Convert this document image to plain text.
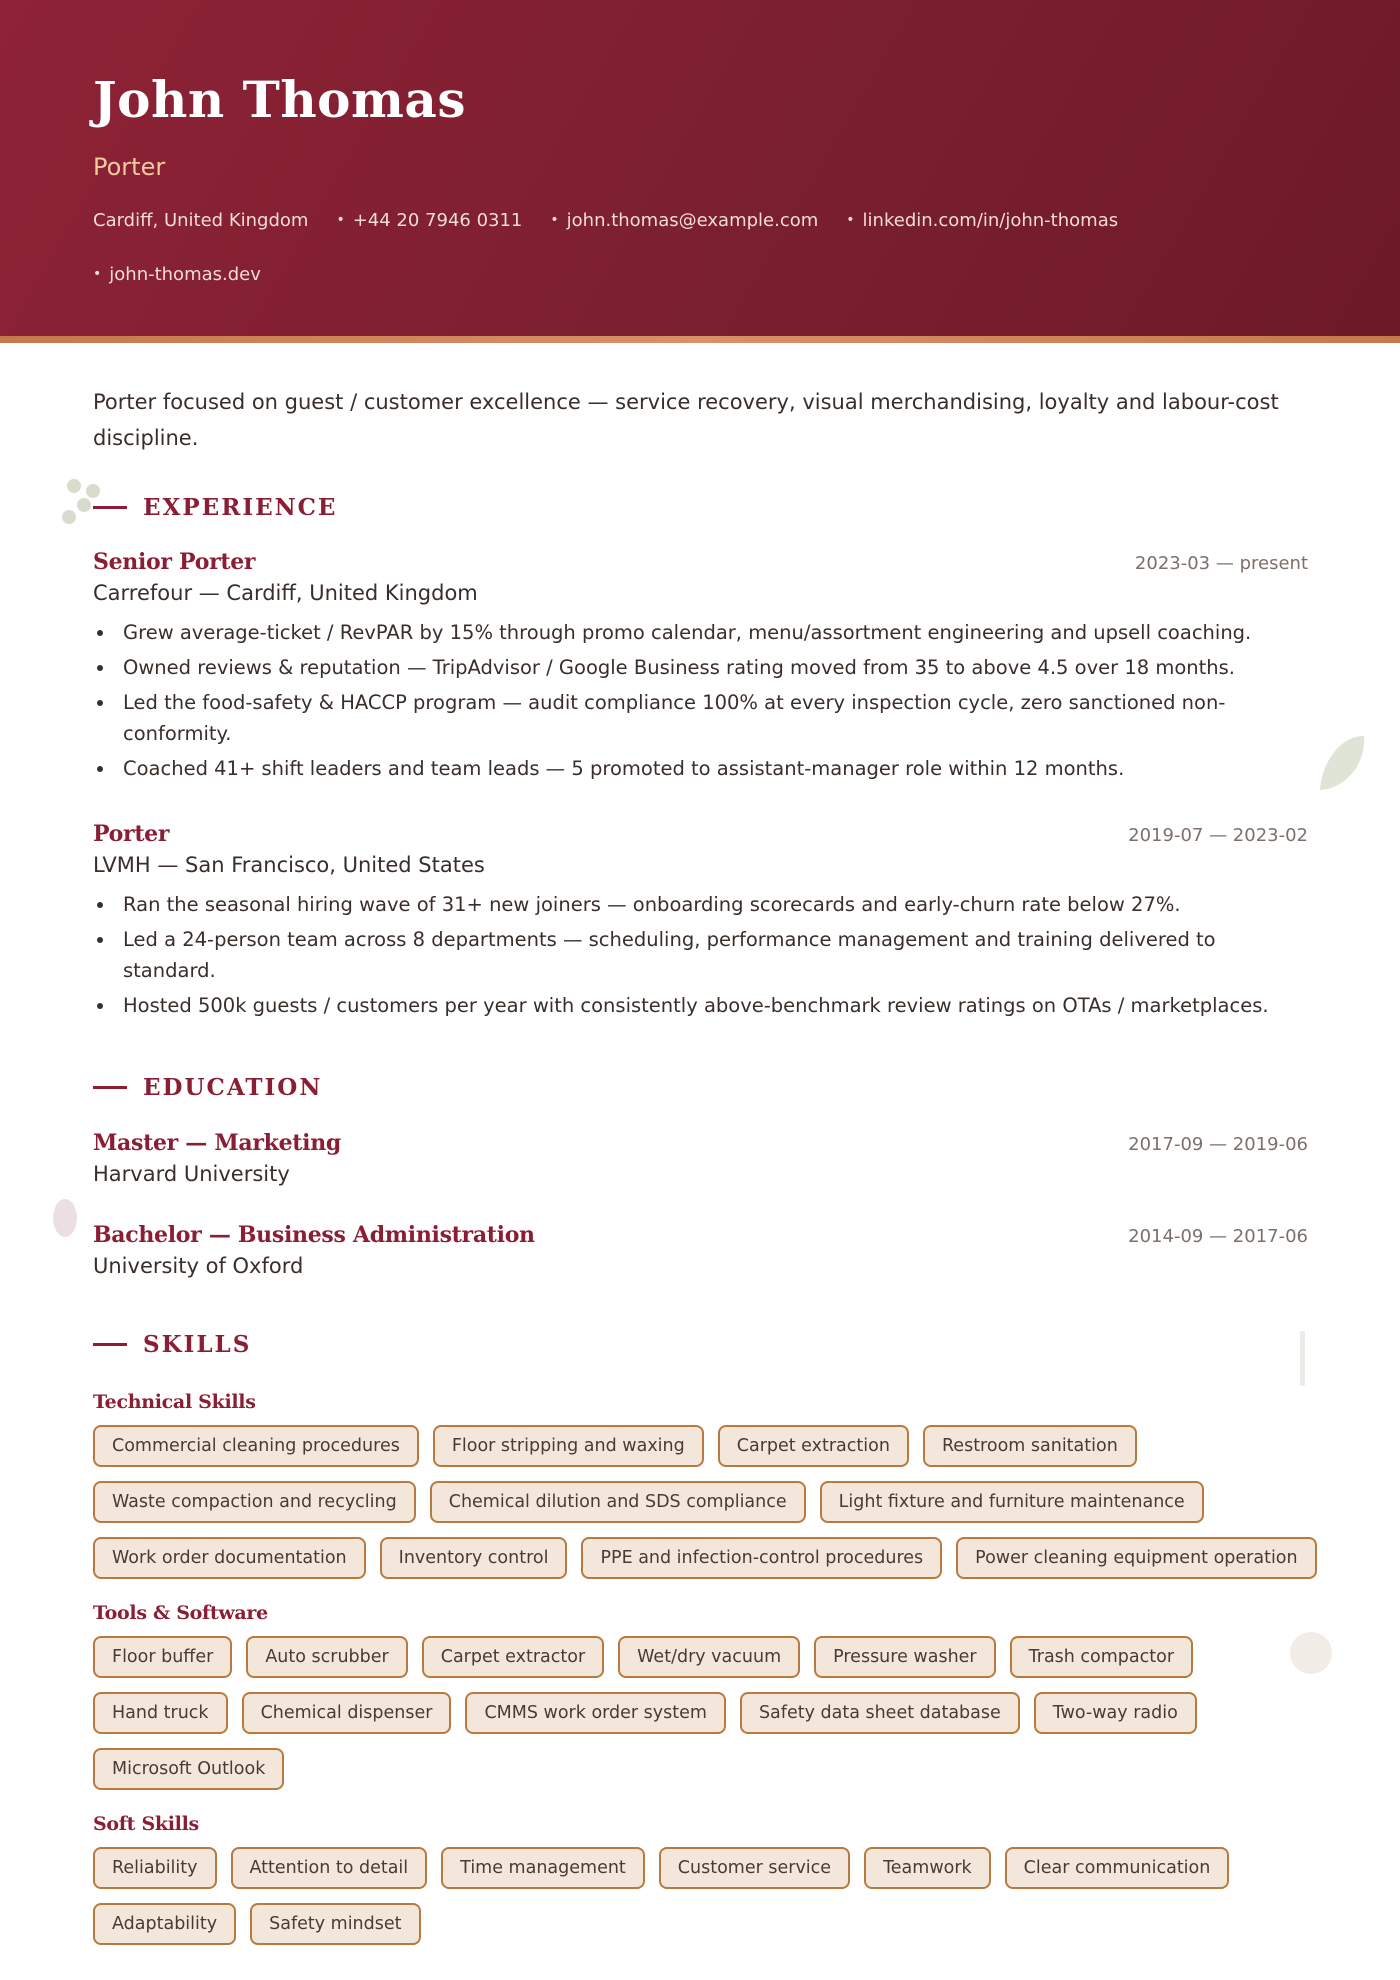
John Thomas
Porter
Cardiff, United Kingdom • +44 20 7946 0311 • john.thomas@example.com • linkedin.com/in/john-thomas
• john-thomas.dev
Porter focused on guest / customer excellence — service recovery, visual merchandising, loyalty and labour-cost discipline.
EXPERIENCE
Senior Porter	2023-03 — present
Carrefour — Cardiff, United Kingdom
Grew average-ticket / RevPAR by 15% through promo calendar, menu/assortment engineering and upsell coaching.
Owned reviews & reputation — TripAdvisor / Google Business rating moved from 35 to above 4.5 over 18 months.
Led the food-safety & HACCP program — audit compliance 100% at every inspection cycle, zero sanctioned non-conformity.
Coached 41+ shift leaders and team leads — 5 promoted to assistant-manager role within 12 months.
Porter	2019-07 — 2023-02
LVMH — San Francisco, United States
Ran the seasonal hiring wave of 31+ new joiners — onboarding scorecards and early-churn rate below 27%.
Led a 24-person team across 8 departments — scheduling, performance management and training delivered to standard.
Hosted 500k guests / customers per year with consistently above-benchmark review ratings on OTAs / marketplaces.
EDUCATION
Master — Marketing	2017-09 — 2019-06
Harvard University
Bachelor — Business Administration	2014-09 — 2017-06
University of Oxford
SKILLS
Technical Skills
Commercial cleaning procedures	Floor stripping and waxing	Carpet extraction	Restroom sanitation
Waste compaction and recycling	Chemical dilution and SDS compliance	Light fixture and furniture maintenance
Work order documentation	Inventory control	PPE and infection-control procedures	Power cleaning equipment operation
Tools & Software
Floor buffer	Auto scrubber	Carpet extractor	Wet/dry vacuum	Pressure washer	Trash compactor
Hand truck	Chemical dispenser	CMMS work order system	Safety data sheet database	Two-way radio
Microsoft Outlook
Soft Skills
Reliability	Attention to detail	Time management	Customer service	Teamwork	Clear communication
Adaptability	Safety mindset
